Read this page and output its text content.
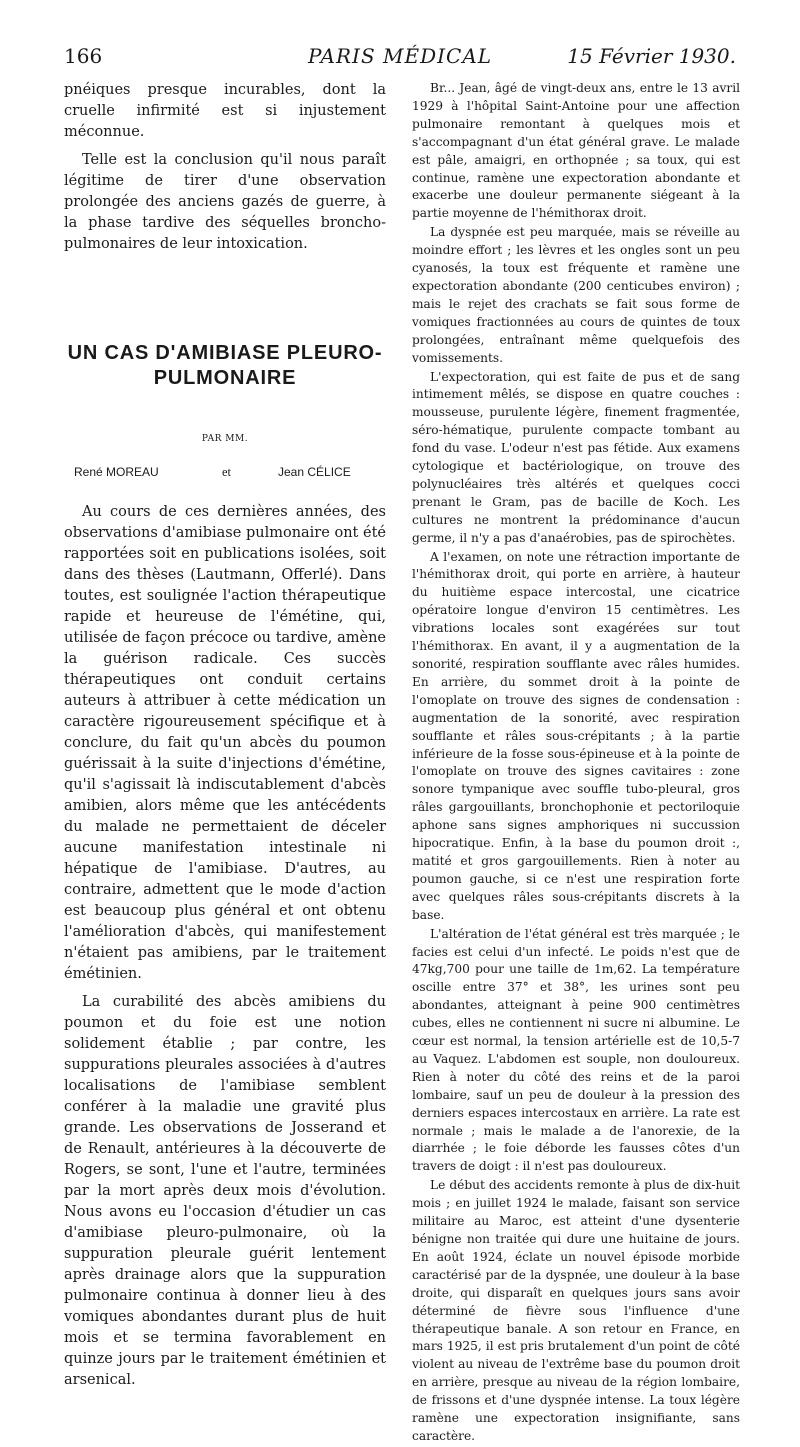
166	PARIS MÉDICAL	15 Février 1930.

pnéiques presque incurables, dont la cruelle infirmité est si injustement méconnue.

Telle est la conclusion qu'il nous paraît légitime de tirer d'une observation prolongée des anciens gazés de guerre, à la phase tardive des séquelles broncho-pulmonaires de leur intoxication.

UN CAS D'AMIBIASE PLEURO-
PULMONAIRE
PAR MM.
René MOREAU	et	Jean CÉLICE

Au cours de ces dernières années, des observations d'amibiase pulmonaire ont été rapportées soit en publications isolées, soit dans des thèses (Lautmann, Offerlé). Dans toutes, est soulignée l'action thérapeutique rapide et heureuse de l'émétine, qui, utilisée de façon précoce ou tardive, amène la guérison radicale. Ces succès thérapeutiques ont conduit certains auteurs à attribuer à cette médication un caractère rigoureusement spécifique et à conclure, du fait qu'un abcès du poumon guérissait à la suite d'injections d'émétine, qu'il s'agissait là indiscutablement d'abcès amibien, alors même que les antécédents du malade ne permettaient de déceler aucune manifestation intestinale ni hépatique de l'amibiase. D'autres, au contraire, admettent que le mode d'action est beaucoup plus général et ont obtenu l'amélioration d'abcès, qui manifestement n'étaient pas amibiens, par le traitement émétinien.

La curabilité des abcès amibiens du poumon et du foie est une notion solidement établie ; par contre, les suppurations pleurales associées à d'autres localisations de l'amibiase semblent conférer à la maladie une gravité plus grande. Les observations de Josserand et de Renault, antérieures à la découverte de Rogers, se sont, l'une et l'autre, terminées par la mort après deux mois d'évolution. Nous avons eu l'occasion d'étudier un cas d'amibiase pleuro-pulmonaire, où la suppuration pleurale guérit lentement après drainage alors que la suppuration pulmonaire continua à donner lieu à des vomiques abondantes durant plus de huit mois et se termina favorablement en quinze jours par le traitement émétinien et arsenical.

Br... Jean, âgé de vingt-deux ans, entre le 13 avril 1929 à l'hôpital Saint-Antoine pour une affection pulmonaire remontant à quelques mois et s'accompagnant d'un état général grave. Le malade est pâle, amaigri, en orthopnée ; sa toux, qui est continue, ramène une expectoration abondante et exacerbe une douleur permanente siégeant à la partie moyenne de l'hémithorax droit.

La dyspnée est peu marquée, mais se réveille au moindre effort ; les lèvres et les ongles sont un peu cyanosés, la toux est fréquente et ramène une expectoration abondante (200 centicubes environ) ; mais le rejet des crachats se fait sous forme de vomiques fractionnées au cours de quintes de toux prolongées, entraînant même quelquefois des vomissements.

L'expectoration, qui est faite de pus et de sang intimement mêlés, se dispose en quatre couches : mousseuse, purulente légère, finement fragmentée, séro-hématique, purulente compacte tombant au fond du vase. L'odeur n'est pas fétide. Aux examens cytologique et bactériologique, on trouve des polynucléaires très altérés et quelques cocci prenant le Gram, pas de bacille de Koch. Les cultures ne montrent la prédominance d'aucun germe, il n'y a pas d'anaérobies, pas de spirochètes.

A l'examen, on note une rétraction importante de l'hémithorax droit, qui porte en arrière, à hauteur du huitième espace intercostal, une cicatrice opératoire longue d'environ 15 centimètres. Les vibrations locales sont exagérées sur tout l'hémithorax. En avant, il y a augmentation de la sonorité, respiration soufflante avec râles humides. En arrière, du sommet droit à la pointe de l'omoplate on trouve des signes de condensation : augmentation de la sonorité, avec respiration soufflante et râles sous-crépitants ; à la partie inférieure de la fosse sous-épineuse et à la pointe de l'omoplate on trouve des signes cavitaires : zone sonore tympanique avec souffle tubo-pleural, gros râles gargouillants, bronchophonie et pectoriloquie aphone sans signes amphoriques ni succussion hipocratique. Enfin, à la base du poumon droit :, matité et gros gargouillements. Rien à noter au poumon gauche, si ce n'est une respiration forte avec quelques râles sous-crépitants discrets à la base.

L'altération de l'état général est très marquée ; le facies est celui d'un infecté. Le poids n'est que de 47kg,700 pour une taille de 1m,62. La température oscille entre 37° et 38°, les urines sont peu abondantes, atteignant à peine 900 centimètres cubes, elles ne contiennent ni sucre ni albumine. Le cœur est normal, la tension artérielle est de 10,5-7 au Vaquez. L'abdomen est souple, non douloureux. Rien à noter du côté des reins et de la paroi lombaire, sauf un peu de douleur à la pression des derniers espaces intercostaux en arrière. La rate est normale ; mais le malade a de l'anorexie, de la diarrhée ; le foie déborde les fausses côtes d'un travers de doigt : il n'est pas douloureux.

Le début des accidents remonte à plus de dix-huit mois ; en juillet 1924 le malade, faisant son service militaire au Maroc, est atteint d'une dysenterie bénigne non traitée qui dure une huitaine de jours. En août 1924, éclate un nouvel épisode morbide caractérisé par de la dyspnée, une douleur à la base droite, qui disparaît en quelques jours sans avoir déterminé de fièvre sous l'influence d'une thérapeutique banale. A son retour en France, en mars 1925, il est pris brutalement d'un point de côté violent au niveau de l'extrême base du poumon droit en arrière, presque au niveau de la région lombaire, de frissons et d'une dyspnée intense. La toux légère ramène une expectoration insignifiante, sans caractère.
